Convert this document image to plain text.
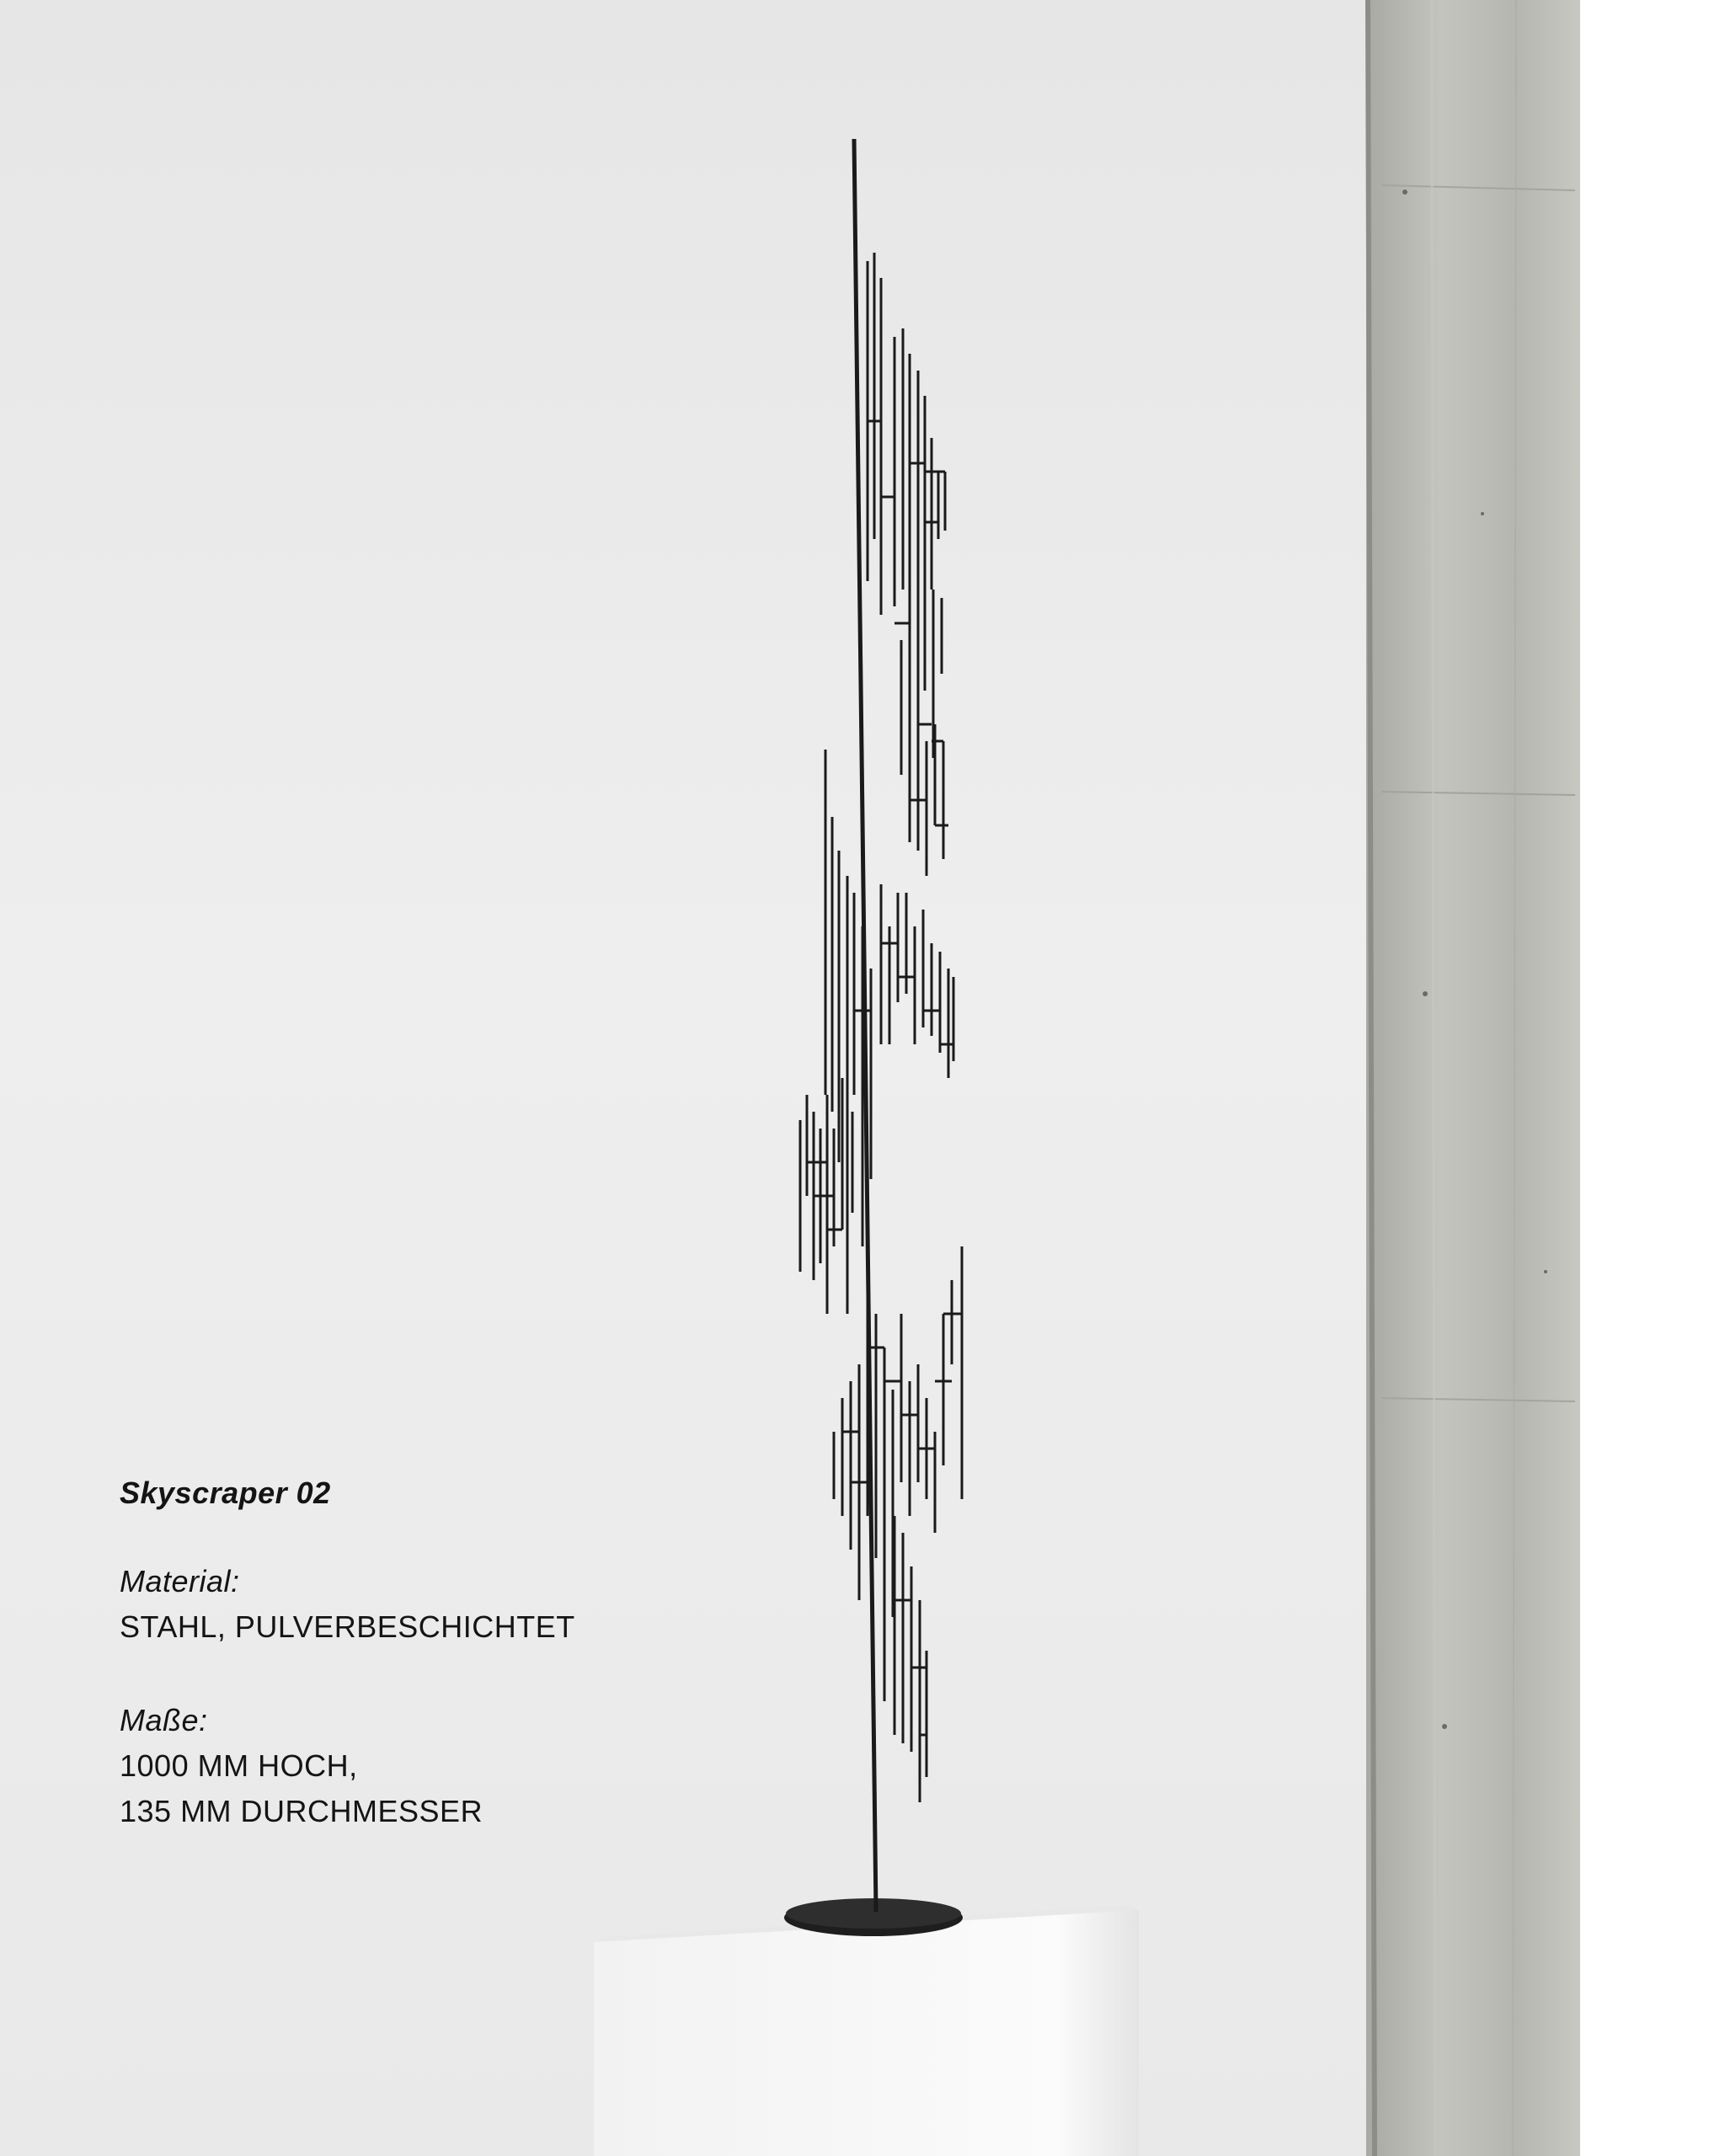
Skyscraper 02
Material:
STAHL, PULVERBESCHICHTET
Maße:
1000 MM HOCH,
135 MM DURCHMESSER
